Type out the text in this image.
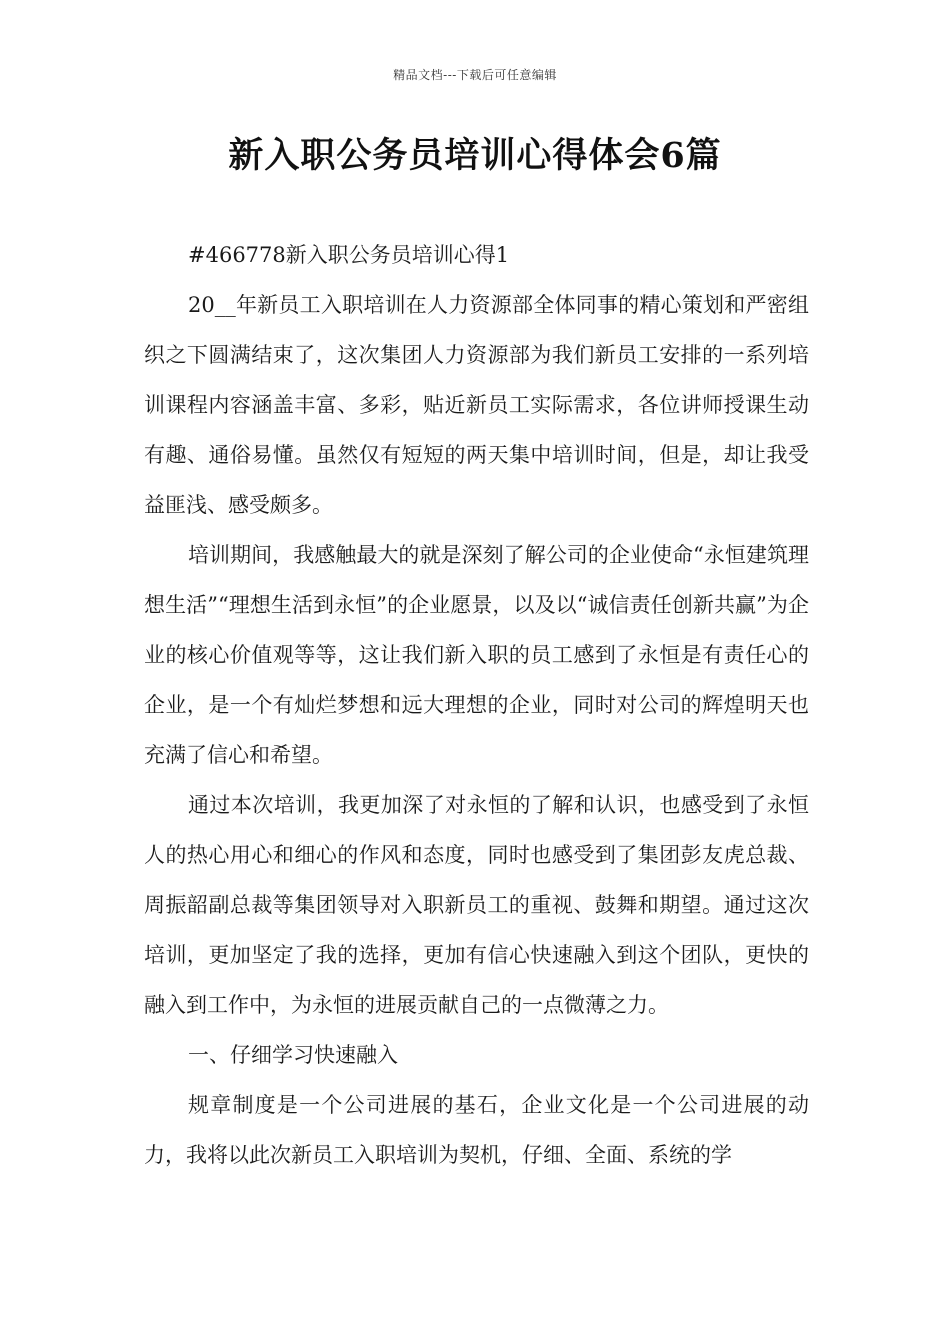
精品文档---下载后可任意编辑
新入职公务员培训心得体会6篇

#466778新入职公务员培训心得1

20__年新员工入职培训在人力资源部全体同事的精心策划和严密组织之下圆满结束了，这次集团人力资源部为我们新员工安排的一系列培训课程内容涵盖丰富、多彩，贴近新员工实际需求，各位讲师授课生动有趣、通俗易懂。虽然仅有短短的两天集中培训时间，但是，却让我受益匪浅、感受颇多。

培训期间，我感触最大的就是深刻了解公司的企业使命“永恒建筑理想生活”“理想生活到永恒”的企业愿景，以及以“诚信责任创新共赢”为企业的核心价值观等等，这让我们新入职的员工感到了永恒是有责任心的企业，是一个有灿烂梦想和远大理想的企业，同时对公司的辉煌明天也充满了信心和希望。

通过本次培训，我更加深了对永恒的了解和认识，也感受到了永恒人的热心用心和细心的作风和态度，同时也感受到了集团彭友虎总裁、周振韶副总裁等集团领导对入职新员工的重视、鼓舞和期望。通过这次培训，更加坚定了我的选择，更加有信心快速融入到这个团队，更快的融入到工作中，为永恒的进展贡献自己的一点微薄之力。

一、仔细学习快速融入

规章制度是一个公司进展的基石，企业文化是一个公司进展的动力，我将以此次新员工入职培训为契机，仔细、全面、系统的学
